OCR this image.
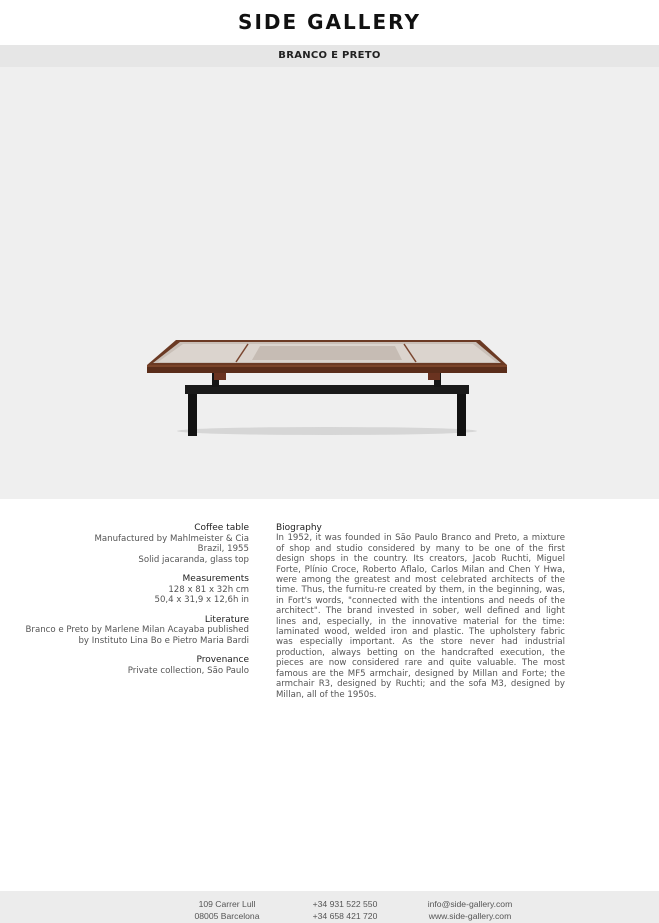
SIDE GALLERY
BRANCO E PRETO
Coffee table
Manufactured by Mahlmeister & Cia
Brazil, 1955
Solid jacaranda, glass top
Measurements
128 x 81 x 32h cm
50,4 x 31,9 x 12,6h in
Literature
Branco e Preto by Marlene Milan Acayaba published
by Instituto Lina Bo e Pietro Maria Bardi
Provenance
Private collection, São Paulo
Biography
In 1952, it was founded in São Paulo Branco and Preto, a mixture of shop and studio considered by many to be one of the first design shops in the country. Its creators, Jacob Ruchti, Miguel Forte, Plínio Croce, Roberto Aflalo, Carlos Milan and Chen Y Hwa, were among the greatest and most celebrated architects of the time. Thus, the furnitu-re created by them, in the beginning, was, in Fort's words, "connected with the intentions and needs of the architect". The brand invested in sober, well defined and light lines and, especially, in the innovative material for the time: laminated wood, welded iron and plastic. The upholstery fabric was especially important. As the store never had industrial production, always betting on the handcrafted execution, the pieces are now considered rare and quite valuable. The most famous are the MF5 armchair, designed by Millan and Forte; the armchair R3, designed by Ruchti; and the sofa M3, designed by Millan, all of the 1950s.
109 Carrer Lull
08005 Barcelona
+34 931 522 550
+34 658 421 720
info@side-gallery.com
www.side-gallery.com
